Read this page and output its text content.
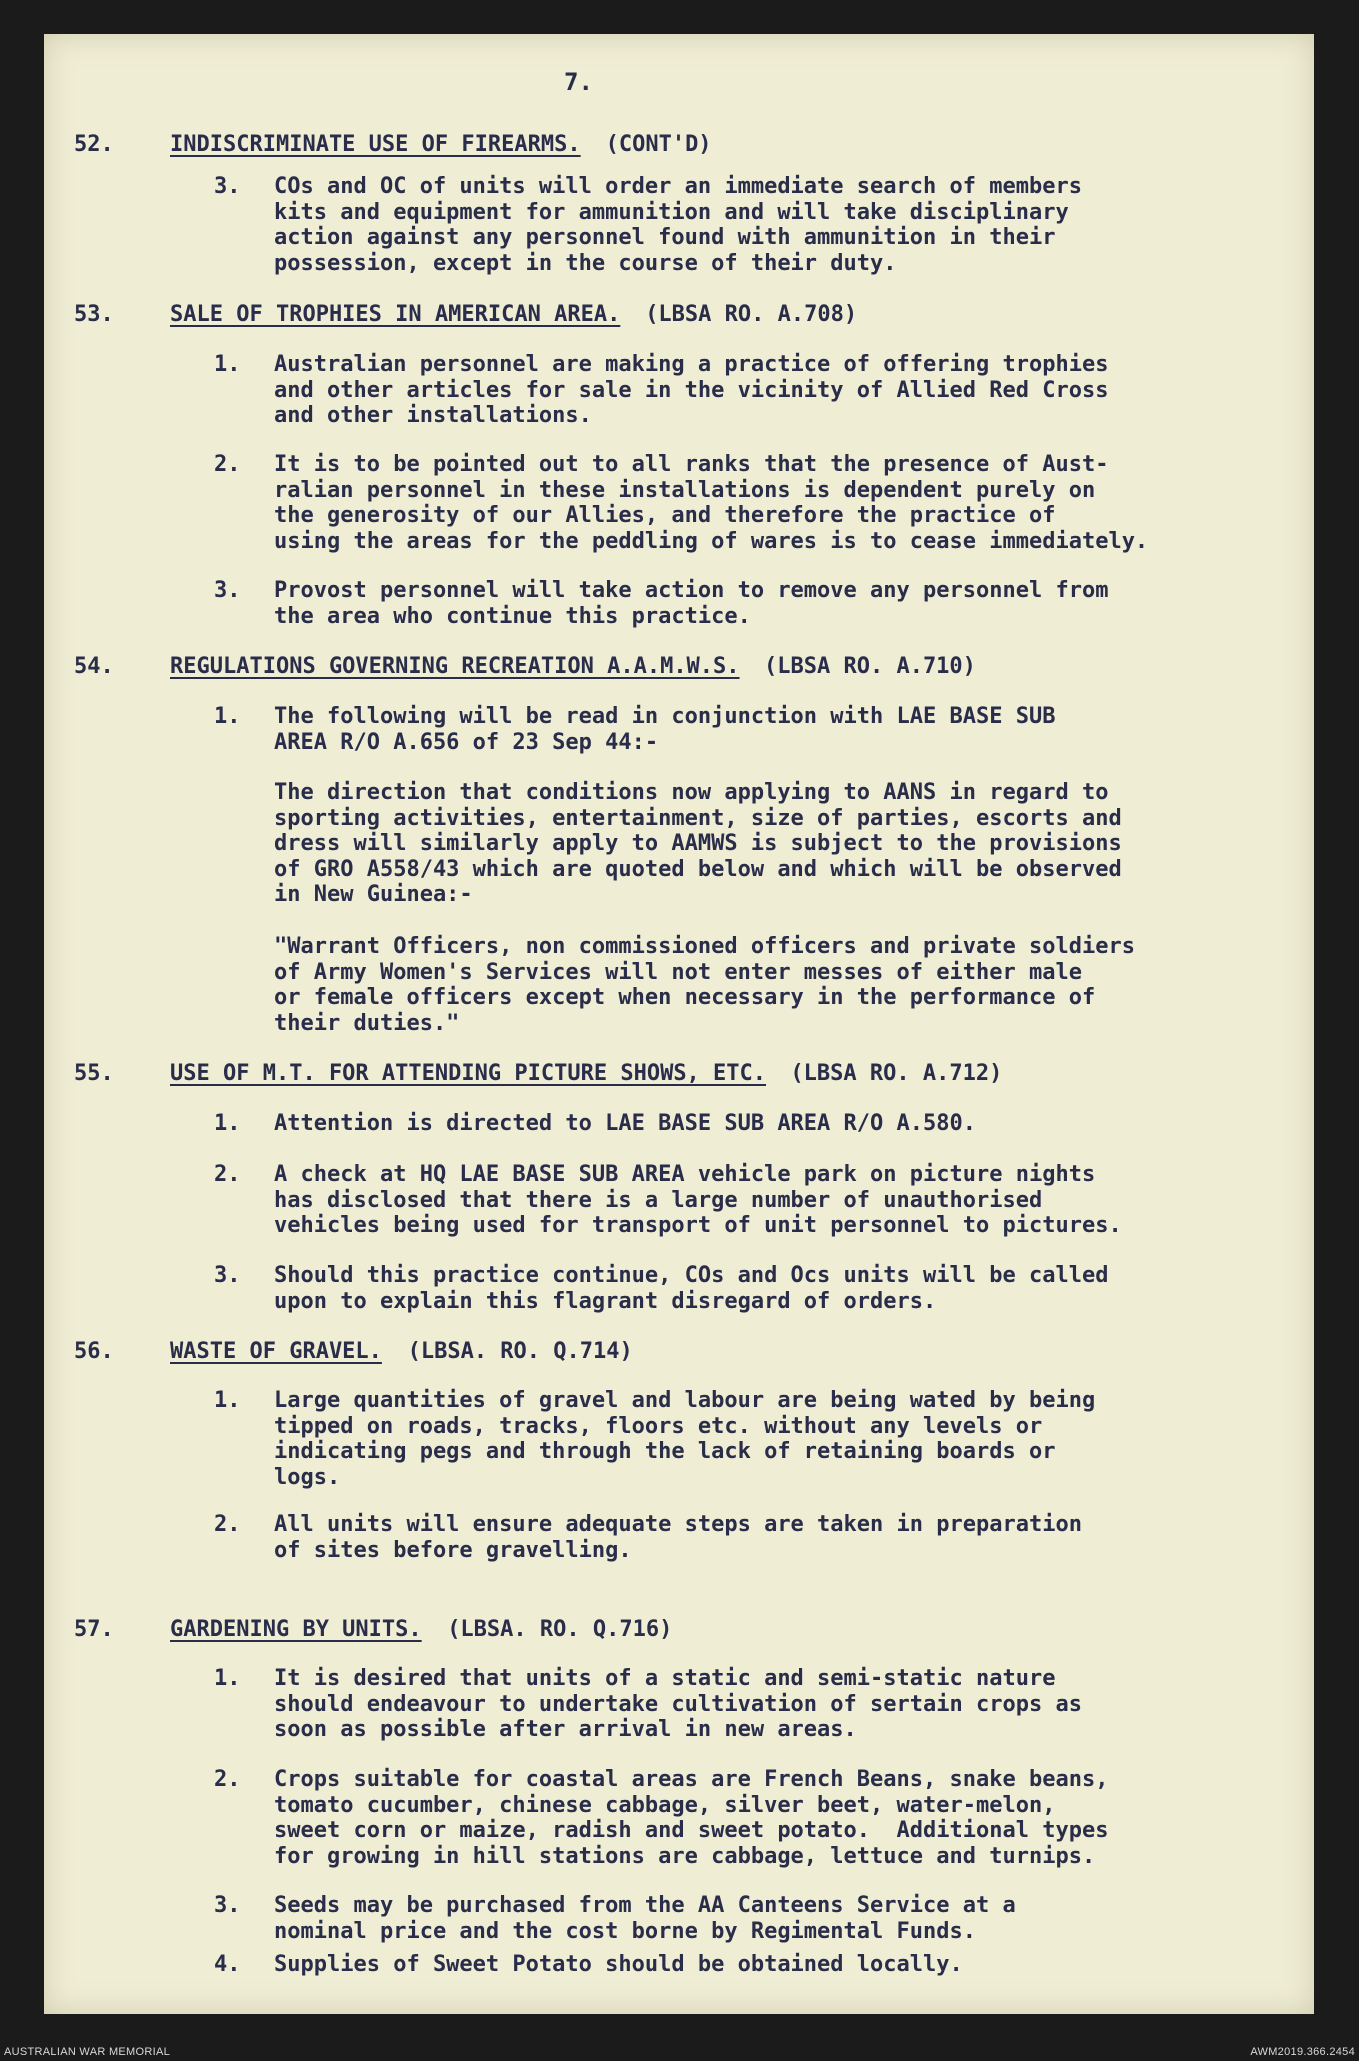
7.
52.	INDISCRIMINATE USE OF FIREARMS. (CONT'D)
3. COs and OC of units will order an immediate search of members
kits and equipment for ammunition and will take disciplinary
action against any personnel found with ammunition in their
possession, except in the course of their duty.
53.	SALE OF TROPHIES IN AMERICAN AREA. (LBSA RO. A.708)
1. Australian personnel are making a practice of offering trophies
and other articles for sale in the vicinity of Allied Red Cross
and other installations.
2. It is to be pointed out to all ranks that the presence of Aust-
ralian personnel in these installations is dependent purely on
the generosity of our Allies, and therefore the practice of
using the areas for the peddling of wares is to cease immediately.
3. Provost personnel will take action to remove any personnel from
the area who continue this practice.
54.	REGULATIONS GOVERNING RECREATION A.A.M.W.S. (LBSA RO. A.710)
1. The following will be read in conjunction with LAE BASE SUB
AREA R/O A.656 of 23 Sep 44:-
The direction that conditions now applying to AANS in regard to
sporting activities, entertainment, size of parties, escorts and
dress will similarly apply to AAMWS is subject to the provisions
of GRO A558/43 which are quoted below and which will be observed
in New Guinea:-
"Warrant Officers, non commissioned officers and private soldiers
of Army Women's Services will not enter messes of either male
or female officers except when necessary in the performance of
their duties."
55.	USE OF M.T. FOR ATTENDING PICTURE SHOWS, ETC. (LBSA RO. A.712)
1. Attention is directed to LAE BASE SUB AREA R/O A.580.
2. A check at HQ LAE BASE SUB AREA vehicle park on picture nights
has disclosed that there is a large number of unauthorised
vehicles being used for transport of unit personnel to pictures.
3. Should this practice continue, COs and Ocs units will be called
upon to explain this flagrant disregard of orders.
56.	WASTE OF GRAVEL. (LBSA. RO. Q.714)
1. Large quantities of gravel and labour are being wated by being
tipped on roads, tracks, floors etc. without any levels or
indicating pegs and through the lack of retaining boards or
logs.
2. All units will ensure adequate steps are taken in preparation
of sites before gravelling.
57.	GARDENING BY UNITS. (LBSA. RO. Q.716)
1. It is desired that units of a static and semi-static nature
should endeavour to undertake cultivation of sertain crops as
soon as possible after arrival in new areas.
2. Crops suitable for coastal areas are French Beans, snake beans,
tomato cucumber, chinese cabbage, silver beet, water-melon,
sweet corn or maize, radish and sweet potato.  Additional types
for growing in hill stations are cabbage, lettuce and turnips.
3. Seeds may be purchased from the AA Canteens Service at a
nominal price and the cost borne by Regimental Funds.
4. Supplies of Sweet Potato should be obtained locally.
AUSTRALIAN WAR MEMORIAL	AWM2019.366.2454
